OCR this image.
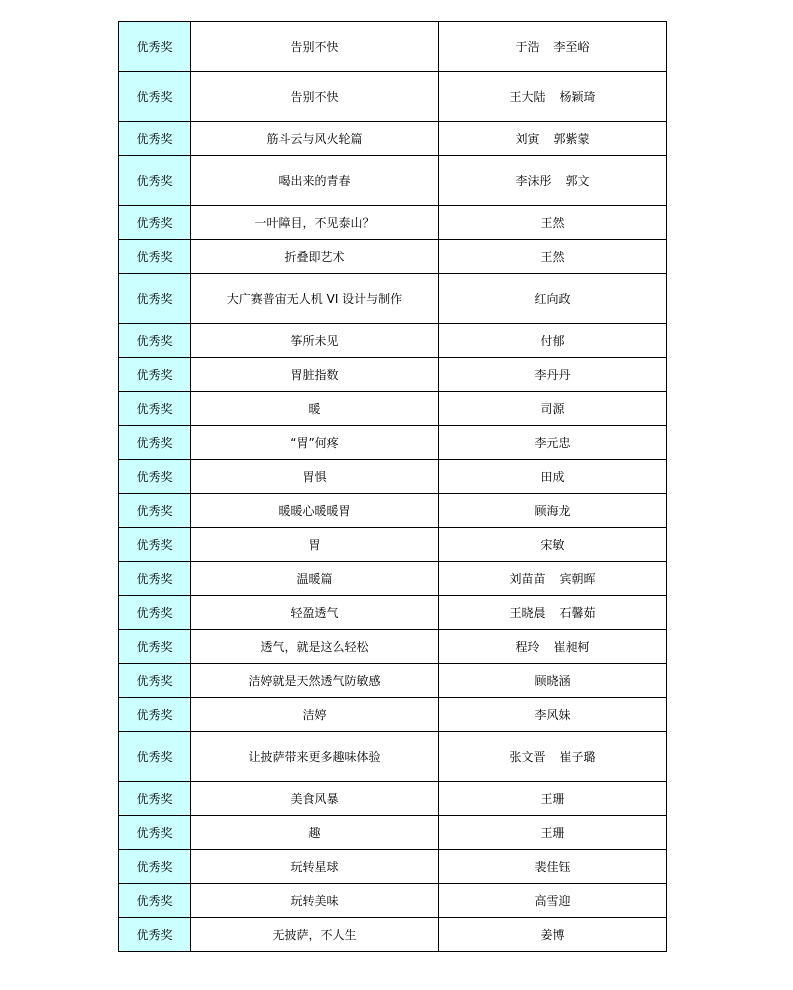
优秀奖	告别不快	于浩 李至峪
优秀奖	告别不快	王大陆 杨颖琦
优秀奖	筋斗云与风火轮篇	刘寅 郭紫蒙
优秀奖	喝出来的青春	李沫彤 郭文
优秀奖	一叶障目，不见泰山？	王然
优秀奖	折叠即艺术	王然
优秀奖	大广赛普宙无人机 VI 设计与制作	红向政
优秀奖	筝所未见	付郁
优秀奖	胃脏指数	李丹丹
优秀奖	暖	司源
优秀奖	“胃”何疼	李元忠
优秀奖	胃惧	田成
优秀奖	暖暖心暖暖胃	顾海龙
优秀奖	胃	宋敏
优秀奖	温暖篇	刘苗苗 宾朝晖
优秀奖	轻盈透气	王晓晨 石馨茹
优秀奖	透气，就是这么轻松	程玲 崔昶柯
优秀奖	洁婷就是天然透气防敏感	顾晓涵
优秀奖	洁婷	李风妹
优秀奖	让披萨带来更多趣味体验	张文晋 崔子璐
优秀奖	美食风暴	王珊
优秀奖	趣	王珊
优秀奖	玩转星球	裴佳钰
优秀奖	玩转美味	高雪迎
优秀奖	无披萨，不人生	姜博
